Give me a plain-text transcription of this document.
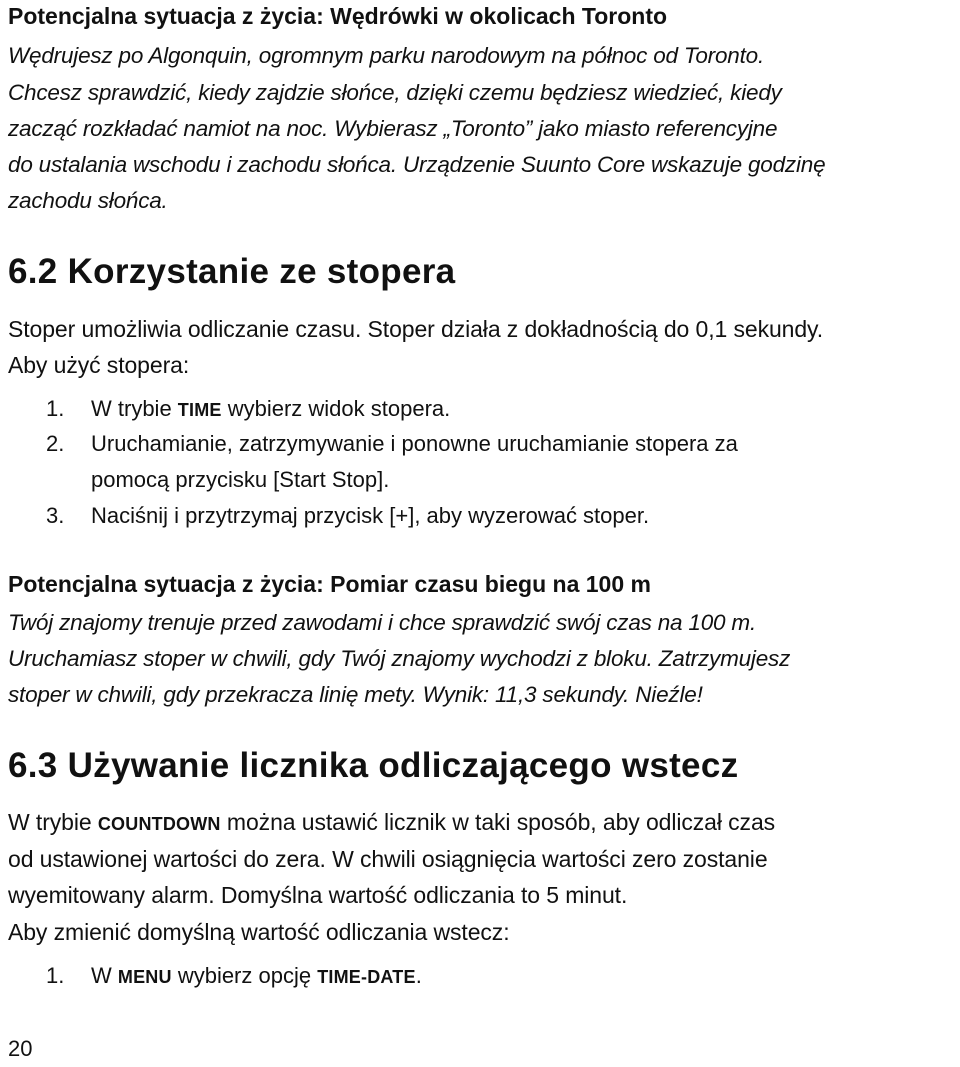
Potencjalna sytuacja z życia: Wędrówki w okolicach Toronto

Wędrujesz po Algonquin, ogromnym parku narodowym na północ od Toronto.

Chcesz sprawdzić, kiedy zajdzie słońce, dzięki czemu będziesz wiedzieć, kiedy

zacząć rozkładać namiot na noc. Wybierasz „Toronto” jako miasto referencyjne

do ustalania wschodu i zachodu słońca. Urządzenie Suunto Core wskazuje godzinę

zachodu słońca.

6.2 Korzystanie ze stopera

Stoper umożliwia odliczanie czasu. Stoper działa z dokładnością do 0,1 sekundy.

Aby użyć stopera:

1. W trybie TIME wybierz widok stopera.
2. Uruchamianie, zatrzymywanie i ponowne uruchamianie stopera za
pomocą przycisku [Start Stop].
3. Naciśnij i przytrzymaj przycisk [+], aby wyzerować stoper.

Potencjalna sytuacja z życia: Pomiar czasu biegu na 100 m

Twój znajomy trenuje przed zawodami i chce sprawdzić swój czas na 100 m.

Uruchamiasz stoper w chwili, gdy Twój znajomy wychodzi z bloku. Zatrzymujesz

stoper w chwili, gdy przekracza linię mety. Wynik: 11,3 sekundy. Nieźle!

6.3 Używanie licznika odliczającego wstecz

W trybie COUNTDOWN można ustawić licznik w taki sposób, aby odliczał czas

od ustawionej wartości do zera. W chwili osiągnięcia wartości zero zostanie

wyemitowany alarm. Domyślna wartość odliczania to 5 minut.

Aby zmienić domyślną wartość odliczania wstecz:

1. W MENU wybierz opcję TIME-DATE.
20
